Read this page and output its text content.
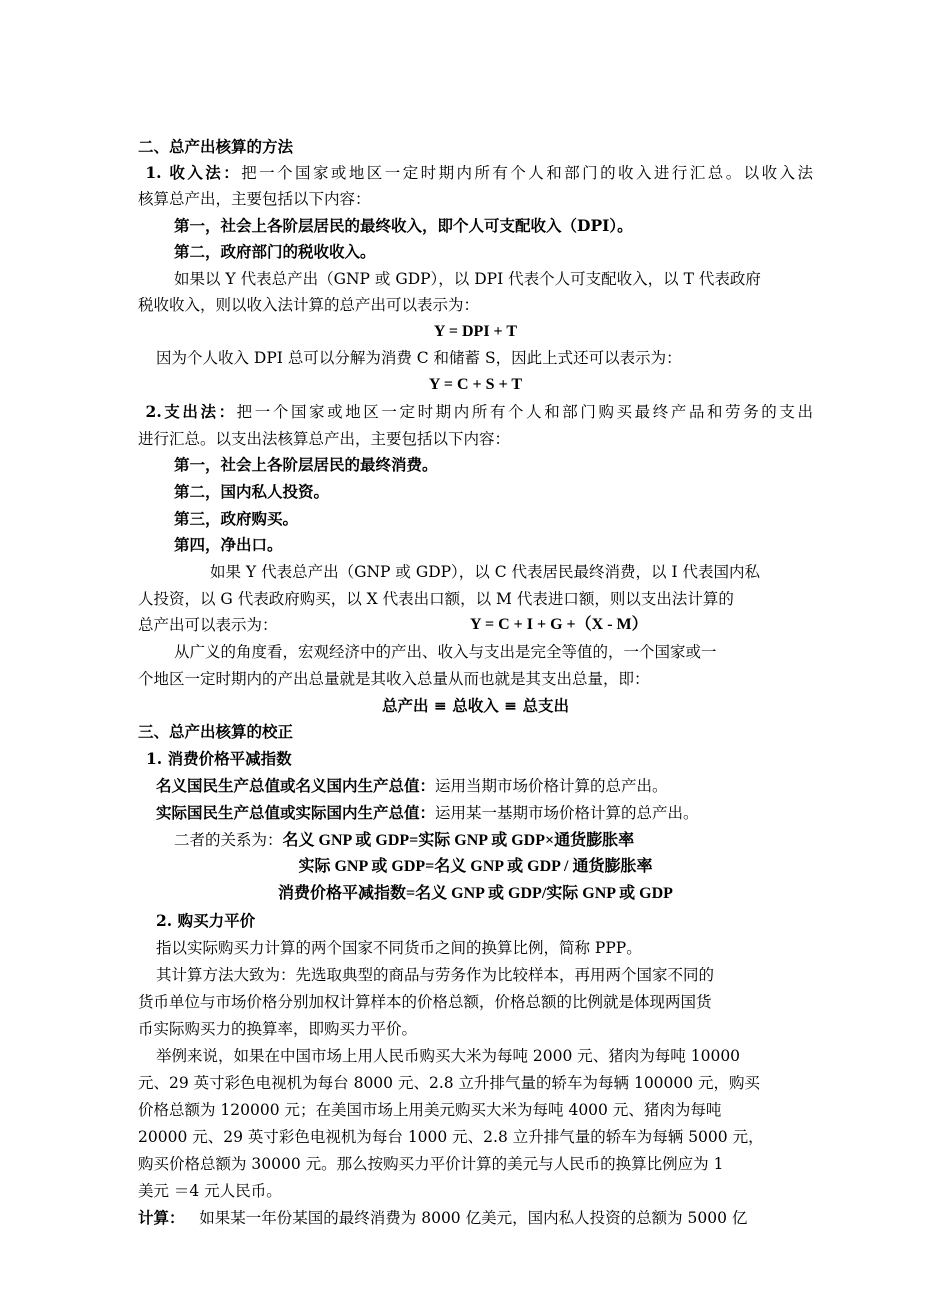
二、总产出核算的方法
1. 收入法：把一个国家或地区一定时期内所有个人和部门的收入进行汇总。以收入法
核算总产出，主要包括以下内容：
第一，社会上各阶层居民的最终收入，即个人可支配收入（DPI）。
第二，政府部门的税收收入。
如果以 Y 代表总产出（GNP 或 GDP），以 DPI 代表个人可支配收入，以 T 代表政府
税收收入，则以收入法计算的总产出可以表示为：
Y = DPI + T
因为个人收入 DPI 总可以分解为消费 C 和储蓄 S，因此上式还可以表示为：
Y = C + S + T
2.支出法：把一个国家或地区一定时期内所有个人和部门购买最终产品和劳务的支出
进行汇总。以支出法核算总产出，主要包括以下内容：
第一，社会上各阶层居民的最终消费。
第二，国内私人投资。
第三，政府购买。
第四，净出口。
如果 Y 代表总产出（GNP 或 GDP），以 C 代表居民最终消费，以 I 代表国内私
人投资，以 G 代表政府购买，以 X 代表出口额，以 M 代表进口额，则以支出法计算的
总产出可以表示为：	Y = C + I + G +（X - M）
从广义的角度看，宏观经济中的产出、收入与支出是完全等值的，一个国家或一
个地区一定时期内的产出总量就是其收入总量从而也就是其支出总量，即：
总产出 ≡ 总收入 ≡ 总支出
三、总产出核算的校正
1. 消费价格平减指数
名义国民生产总值或名义国内生产总值：运用当期市场价格计算的总产出。
实际国民生产总值或实际国内生产总值：运用某一基期市场价格计算的总产出。
二者的关系为：名义 GNP 或 GDP=实际 GNP 或 GDP×通货膨胀率
实际 GNP 或 GDP=名义 GNP 或 GDP / 通货膨胀率
消费价格平减指数=名义 GNP 或 GDP/实际 GNP 或 GDP
2. 购买力平价
指以实际购买力计算的两个国家不同货币之间的换算比例，简称 PPP。
其计算方法大致为：先选取典型的商品与劳务作为比较样本，再用两个国家不同的
货币单位与市场价格分别加权计算样本的价格总额，价格总额的比例就是体现两国货
币实际购买力的换算率，即购买力平价。
举例来说，如果在中国市场上用人民币购买大米为每吨 2000 元、猪肉为每吨 10000
元、29 英寸彩色电视机为每台 8000 元、2.8 立升排气量的轿车为每辆 100000 元，购买
价格总额为 120000 元；在美国市场上用美元购买大米为每吨 4000 元、猪肉为每吨
20000 元、29 英寸彩色电视机为每台 1000 元、2.8 立升排气量的轿车为每辆 5000 元，
购买价格总额为 30000 元。那么按购买力平价计算的美元与人民币的换算比例应为 1
美元 ＝4 元人民币。
计算： 如果某一年份某国的最终消费为 8000 亿美元，国内私人投资的总额为 5000 亿
